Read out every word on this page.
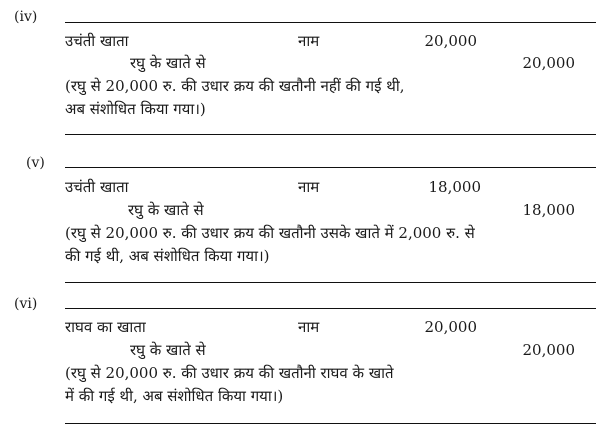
(iv)
उचंती खाता	नाम	20,000
रघु के खाते से	20,000
(रघु से 20,000 रु. की उधार क्रय की खतौनी नहीं की गई थी,
अब संशोधित किया गया।)
(v)
उचंती खाता	नाम	18,000
रघु के खाते से	18,000
(रघु से 20,000 रु. की उधार क्रय की खतौनी उसके खाते में 2,000 रु. से
की गई थी, अब संशोधित किया गया।)
(vi)
राघव का खाता	नाम	20,000
रघु के खाते से	20,000
(रघु से 20,000 रु. की उधार क्रय की खतौनी राघव के खाते
में की गई थी, अब संशोधित किया गया।)
